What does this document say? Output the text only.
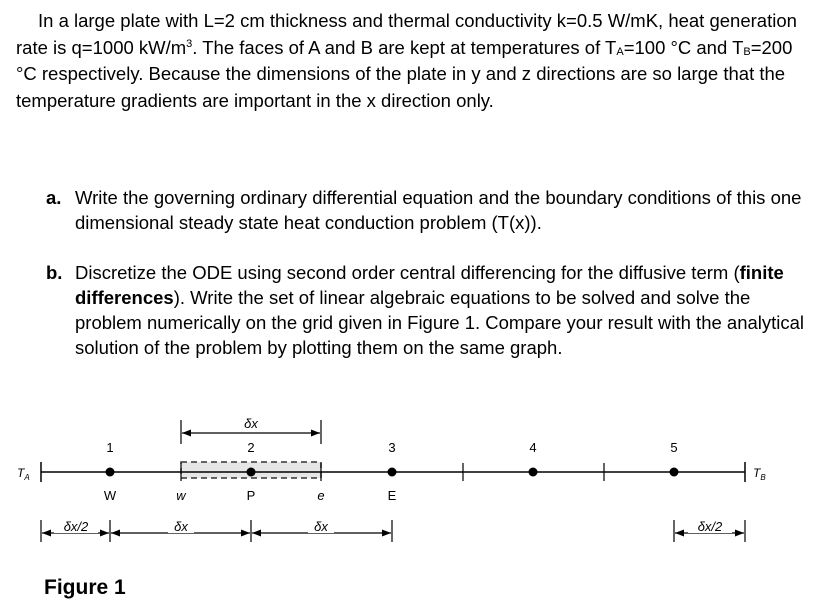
In a large plate with L=2 cm thickness and thermal conductivity k=0.5 W/mK, heat generation rate is q=1000 $kW/m^3$. The faces of A and B are kept at temperatures of $T_A=100$ °C and $T_B=200$ °C respectively. Because the dimensions of the plate in y and z directions are so large that the temperature gradients are important in the x direction only.

a. Write the governing ordinary differential equation and the boundary conditions of this one dimensional steady state heat conduction problem (T(x)).
b. Discretize the ODE using second order central differencing for the diffusive term (finite differences). Write the set of linear algebraic equations to be solved and solve the problem numerically on the grid given in Figure 1. Compare your result with the analytical solution of the problem by plotting them on the same graph.
1	2	3	4	5
$T_A$	$T_B$
W	w	P	e	E
δx
δx/2	δx	δx	δx/2
Figure 1
